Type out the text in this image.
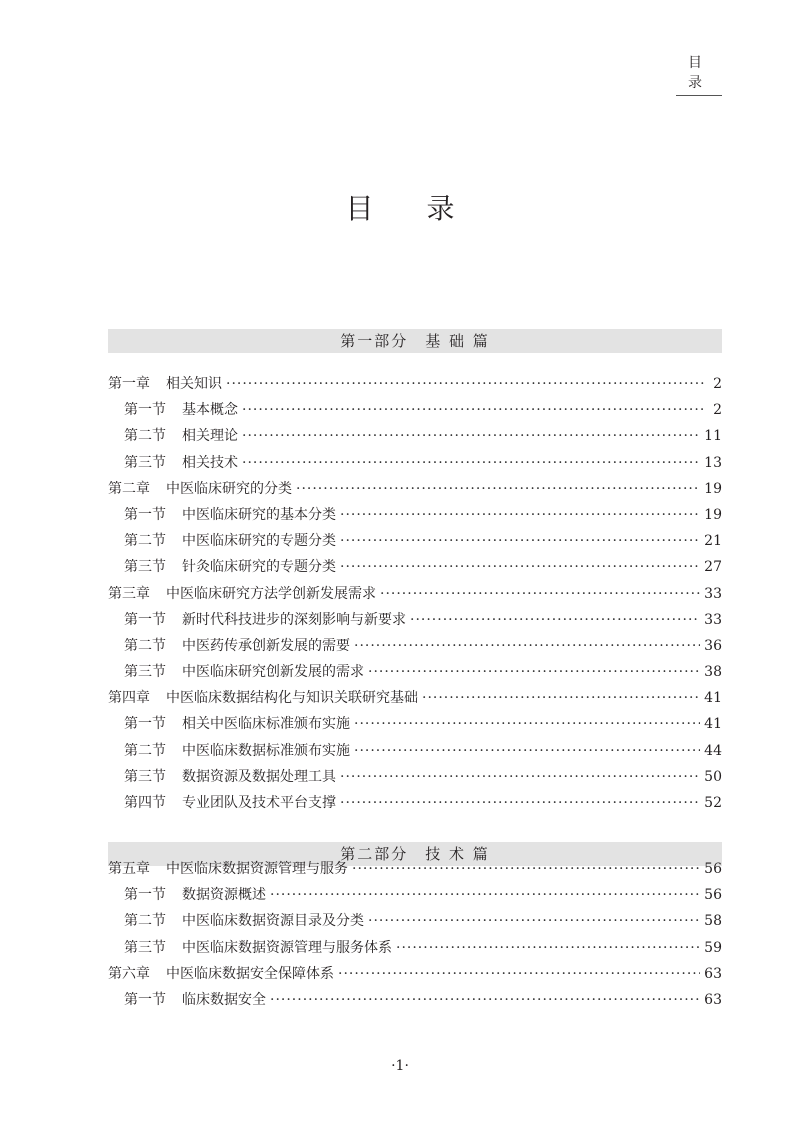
目 录
目 录
第一部分　基 础 篇
第一章 相关知识 ·····	2
第一节 基本概念 ·····	2
第二节 相关理论 ·····	11
第三节 相关技术 ·····	13
第二章 中医临床研究的分类 ·····	19
第一节 中医临床研究的基本分类 ·····	19
第二节 中医临床研究的专题分类 ·····	21
第三节 针灸临床研究的专题分类 ·····	27
第三章 中医临床研究方法学创新发展需求 ·····	33
第一节 新时代科技进步的深刻影响与新要求 ·····	33
第二节 中医药传承创新发展的需要 ·····	36
第三节 中医临床研究创新发展的需求 ·····	38
第四章 中医临床数据结构化与知识关联研究基础 ·····	41
第一节 相关中医临床标准颁布实施 ·····	41
第二节 中医临床数据标准颁布实施 ·····	44
第三节 数据资源及数据处理工具 ·····	50
第四节 专业团队及技术平台支撑 ·····	52
第二部分　技 术 篇
第五章 中医临床数据资源管理与服务 ·····	56
第一节 数据资源概述 ·····	56
第二节 中医临床数据资源目录及分类 ·····	58
第三节 中医临床数据资源管理与服务体系 ·····	59
第六章 中医临床数据安全保障体系 ·····	63
第一节 临床数据安全 ·····	63
·1·
